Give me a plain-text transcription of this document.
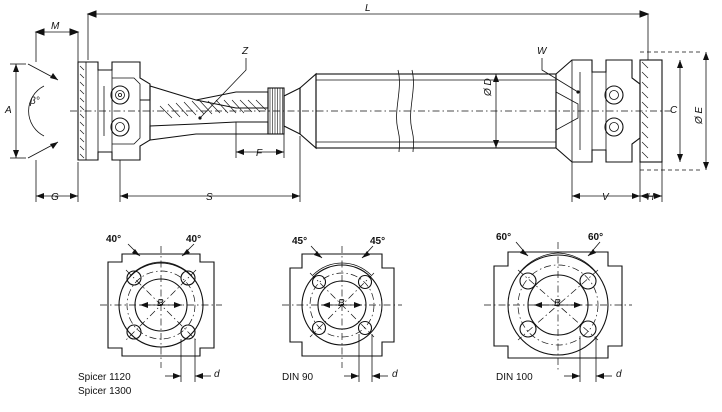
L
M
Z	W
β°
A
G	S
F
Ø D
V	H
C Ø E
40°	40°
B
d
Spicer 1120
Spicer 1300
45°	45°
B
d
DIN 90
60°	60°
B
d
DIN 100
